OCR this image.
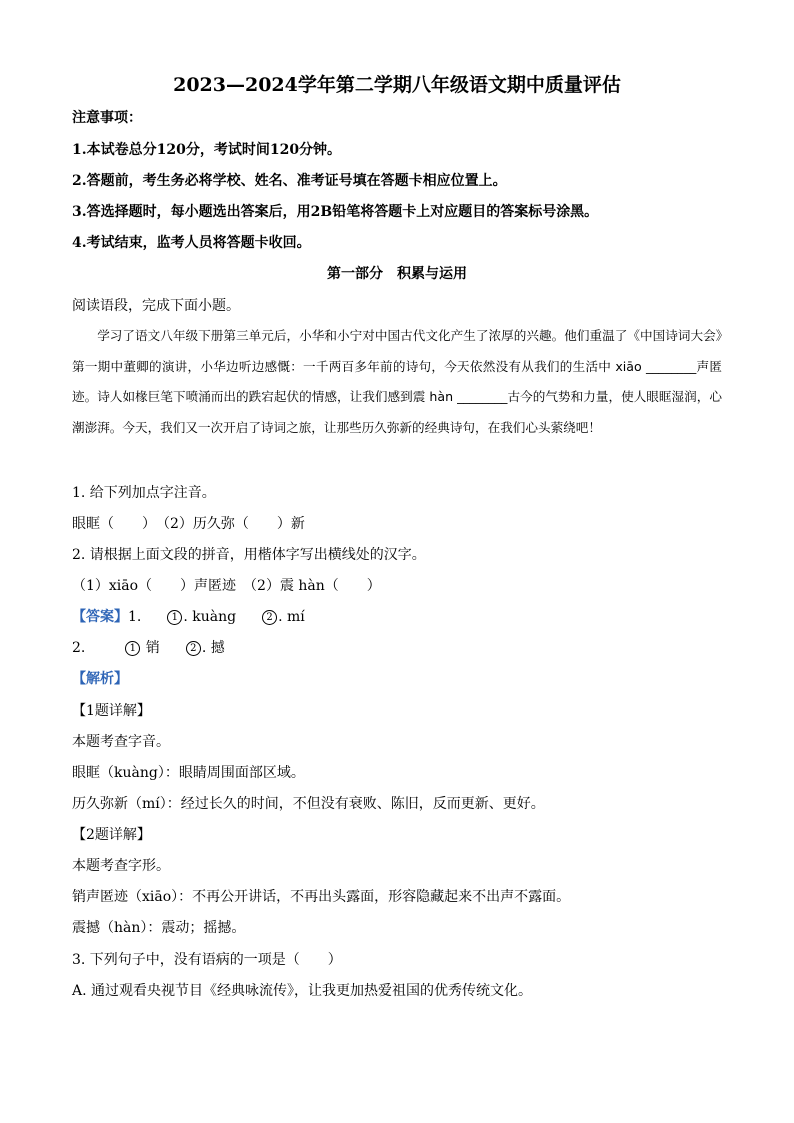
2023—2024学年第二学期八年级语文期中质量评估
注意事项：
1.本试卷总分120分，考试时间120分钟。
2.答题前，考生务必将学校、姓名、准考证号填在答题卡相应位置上。
3.答选择题时，每小题选出答案后，用2B铅笔将答题卡上对应题目的答案标号涂黑。
4.考试结束，监考人员将答题卡收回。
第一部分　积累与运用
阅读语段，完成下面小题。
学习了语文八年级下册第三单元后，小华和小宁对中国古代文化产生了浓厚的兴趣。他们重温了《中国诗词大会》第一期中董卿的演讲，小华边听边感慨：一千两百多年前的诗句，今天依然没有从我们的生活中 xiāo ________声匿迹。诗人如椽巨笔下喷涌而出的跌宕起伏的情感，让我们感到震 hàn ________古今的气势和力量，使人眼眶湿润，心潮澎湃。今天，我们又一次开启了诗词之旅，让那些历久弥新的经典诗句，在我们心头萦绕吧！
1. 给下列加点字注音。
眼眶（　　）　（2）历久弥（　　）新
2. 请根据上面文段的拼音，用楷体字写出横线处的汉字。
（1）xiāo（　　）声匿迹　（2）震 hàn（　　）
【答案】1.	1 . kuàng	2 . mí
2.	1 销	2 . 撼
【解析】
【1题详解】
本题考查字音。
眼眶（kuàng）：眼睛周围面部区域。
历久弥新（mí）：经过长久的时间，不但没有衰败、陈旧，反而更新、更好。
【2题详解】
本题考查字形。
销声匿迹（xiāo）：不再公开讲话，不再出头露面，形容隐藏起来不出声不露面。
震撼（hàn）：震动；摇撼。
3. 下列句子中，没有语病的一项是（　　）
A. 通过观看央视节目《经典咏流传》，让我更加热爱祖国的优秀传统文化。
